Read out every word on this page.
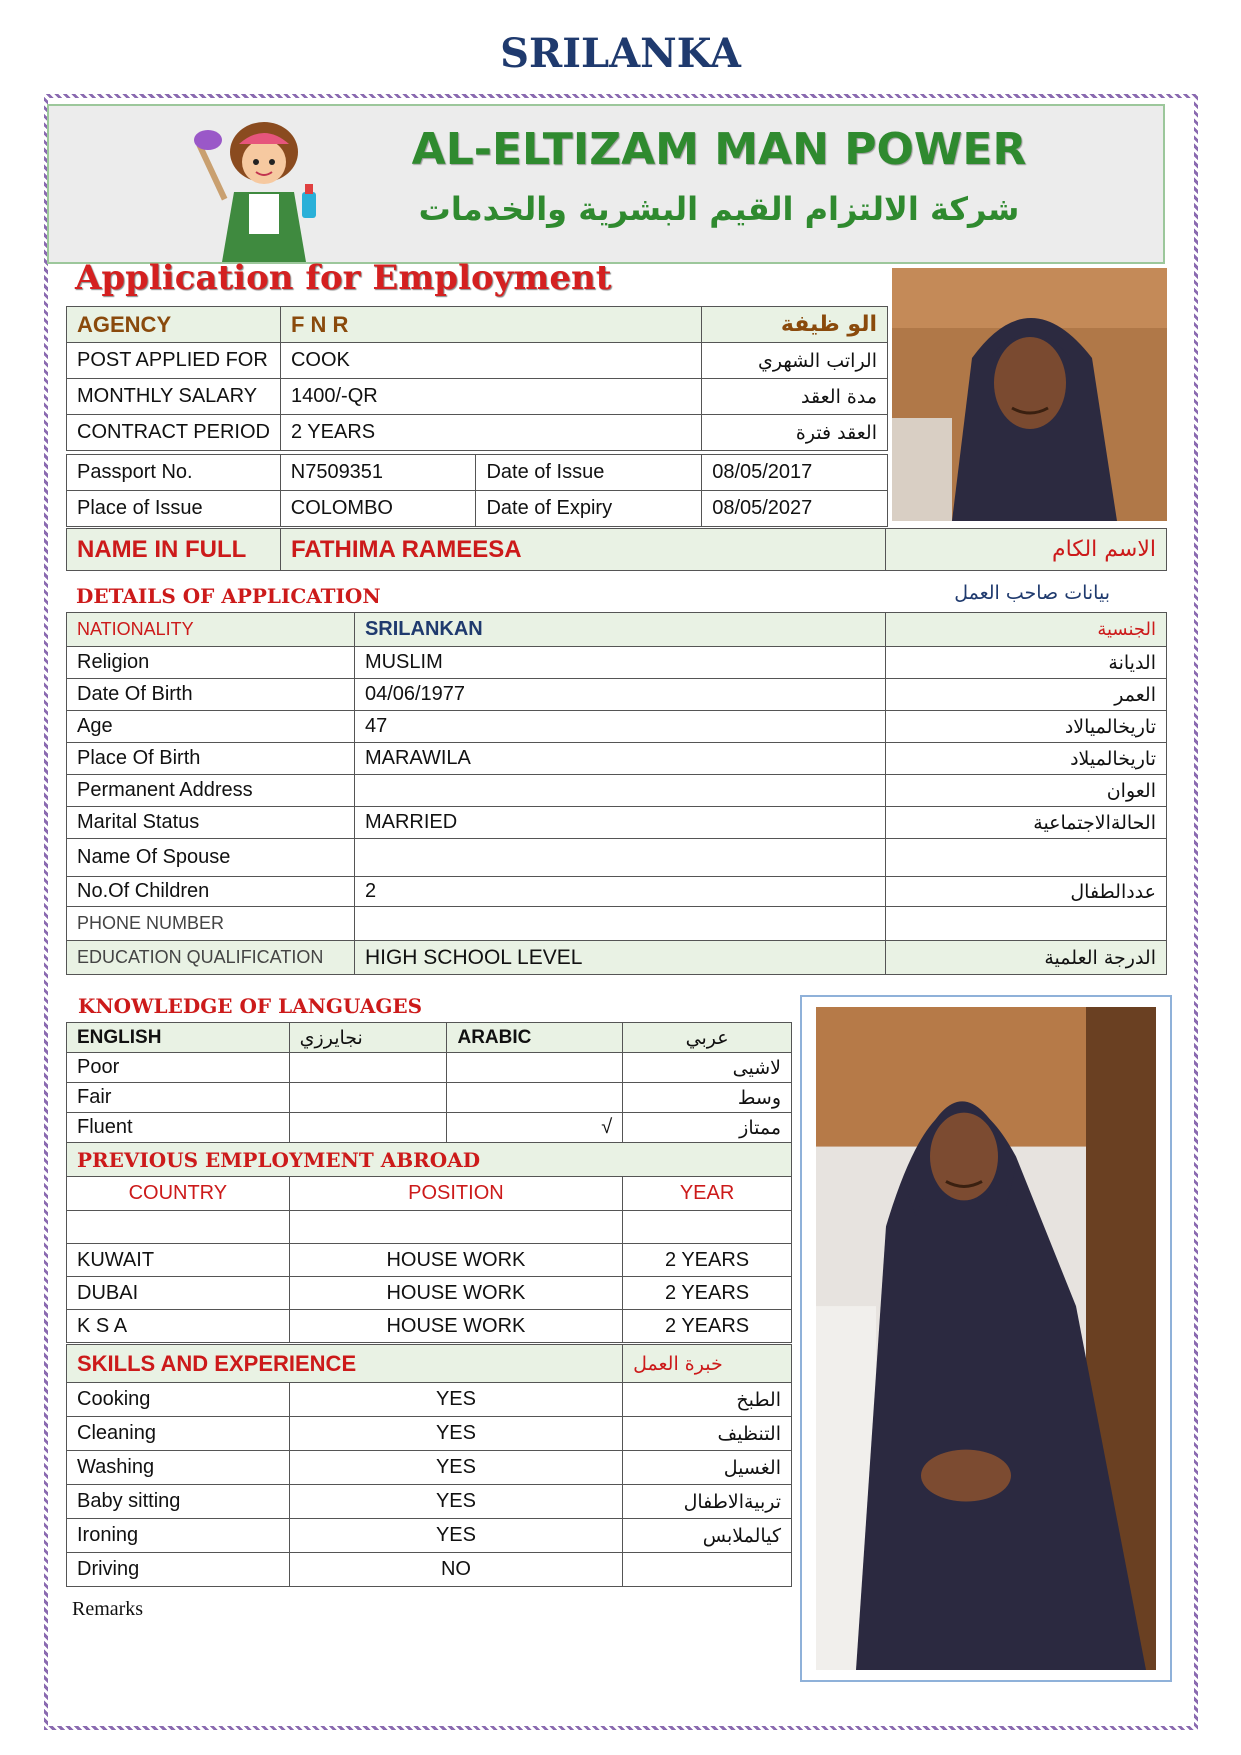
SRILANKA
AL-ELTIZAM MAN POWER
شركة الالتزام القيم البشرية والخدمات
Application for Employment
AGENCY	F N R	الو ظيفة
POST APPLIED FOR	COOK	الراتب الشهري
MONTHLY SALARY	1400/-QR	مدة العقد
CONTRACT PERIOD	2 YEARS	العقد فترة
Passport No.	N7509351	Date of Issue	08/05/2017
Place of Issue	COLOMBO	Date of Expiry	08/05/2027
NAME IN FULL	FATHIMA RAMEESA	الاسم الكام
DETAILS OF APPLICATION	بيانات صاحب العمل
NATIONALITY	SRILANKAN	الجنسية
Religion	MUSLIM	الديانة
Date Of Birth	04/06/1977	العمر
Age	47	تاريخالميالاد
Place Of Birth	MARAWILA	تاريخالميلاد
Permanent Address		العوان
Marital Status	MARRIED	الحالةالاجتماعية
Name Of Spouse		
No.Of Children	2	عددالطفال
PHONE NUMBER		
EDUCATION QUALIFICATION	HIGH SCHOOL LEVEL	الدرجة العلمية
KNOWLEDGE OF LANGUAGES
ENGLISH	نجايرزي	ARABIC	عربي
Poor			لاشيى
Fair			وسط
Fluent		√	ممتاز
PREVIOUS EMPLOYMENT ABROAD		
COUNTRY	POSITION	YEAR

KUWAIT	HOUSE WORK	2 YEARS
DUBAI	HOUSE WORK	2 YEARS
K S A	HOUSE WORK	2 YEARS
SKILLS AND EXPERIENCE		خبرة العمل
Cooking	YES	الطبخ
Cleaning	YES	التنظيف
Washing	YES	الغسيل
Baby sitting	YES	تربيةالاطفال
Ironing	YES	كيالملابس
Driving	NO	
Remarks
